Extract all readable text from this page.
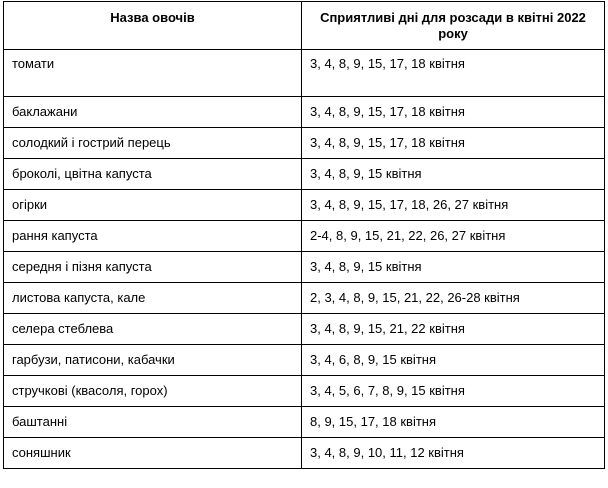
Назва овочів	Сприятливі дні для розсади в квітні 2022 року
томати	3, 4, 8, 9, 15, 17, 18 квітня
баклажани	3, 4, 8, 9, 15, 17, 18 квітня
солодкий і гострий перець	3, 4, 8, 9, 15, 17, 18 квітня
броколі, цвітна капуста	3, 4, 8, 9, 15 квітня
огірки	3, 4, 8, 9, 15, 17, 18, 26, 27 квітня
рання капуста	2-4, 8, 9, 15, 21, 22, 26, 27 квітня
середня і пізня капуста	3, 4, 8, 9, 15 квітня
листова капуста, кале	2, 3, 4, 8, 9, 15, 21, 22, 26-28 квітня
селера стеблева	3, 4, 8, 9, 15, 21, 22 квітня
гарбузи, патисони, кабачки	3, 4, 6, 8, 9, 15 квітня
стручкові (квасоля, горох)	3, 4, 5, 6, 7, 8, 9, 15 квітня
баштанні	8, 9, 15, 17, 18 квітня
соняшник	3, 4, 8, 9, 10, 11, 12 квітня
